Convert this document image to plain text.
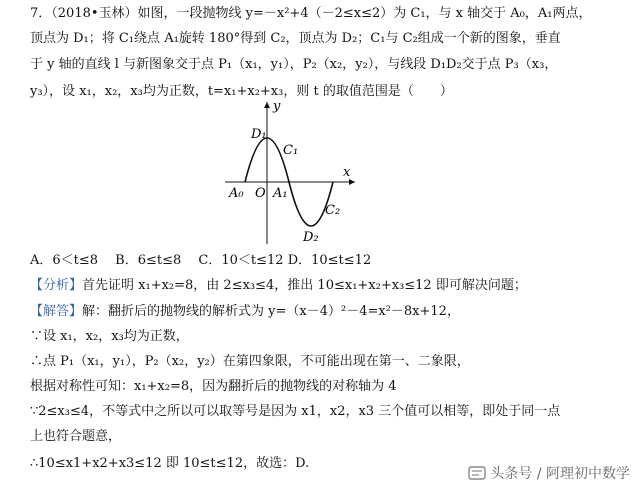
7．（2018•玉林）如图，一段抛物线 y=－x²+4（－2≤x≤2）为 C₁，与 x 轴交于 A₀，A₁两点，
顶点为 D₁；将 C₁绕点 A₁旋转 180°得到 C₂，顶点为 D₂；C₁与 C₂组成一个新的图象，垂直
于 y 轴的直线 l 与新图象交于点 P₁（x₁，y₁），P₂（x₂，y₂），与线段 D₁D₂交于点 P₃（x₃，
y₃），设 x₁，x₂，x₃均为正数，t=x₁+x₂+x₃，则 t 的取值范围是（　　）
y
x
D₁
C₁
A₀ O A₁
C₂
D₂
A．6＜t≤8　 B．6≤t≤8　 C．10＜t≤12 D．10≤t≤12
【分析】首先证明 x₁+x₂=8，由 2≤x₃≤4，推出 10≤x₁+x₂+x₃≤12 即可解决问题；
【解答】解：翻折后的抛物线的解析式为 y=（x－4）²－4=x²－8x+12，
∵设 x₁，x₂，x₃均为正数，
∴点 P₁（x₁，y₁），P₂（x₂，y₂）在第四象限，不可能出现在第一、二象限，
根据对称性可知：x₁+x₂=8，因为翻折后的抛物线的对称轴为 4
∵2≤x₃≤4，不等式中之所以可以取等号是因为 x1，x2，x3 三个值可以相等，即处于同一点
上也符合题意，
∴10≤x1+x2+x3≤12 即 10≤t≤12，故选：D.
头条号 / 阿理初中数学
